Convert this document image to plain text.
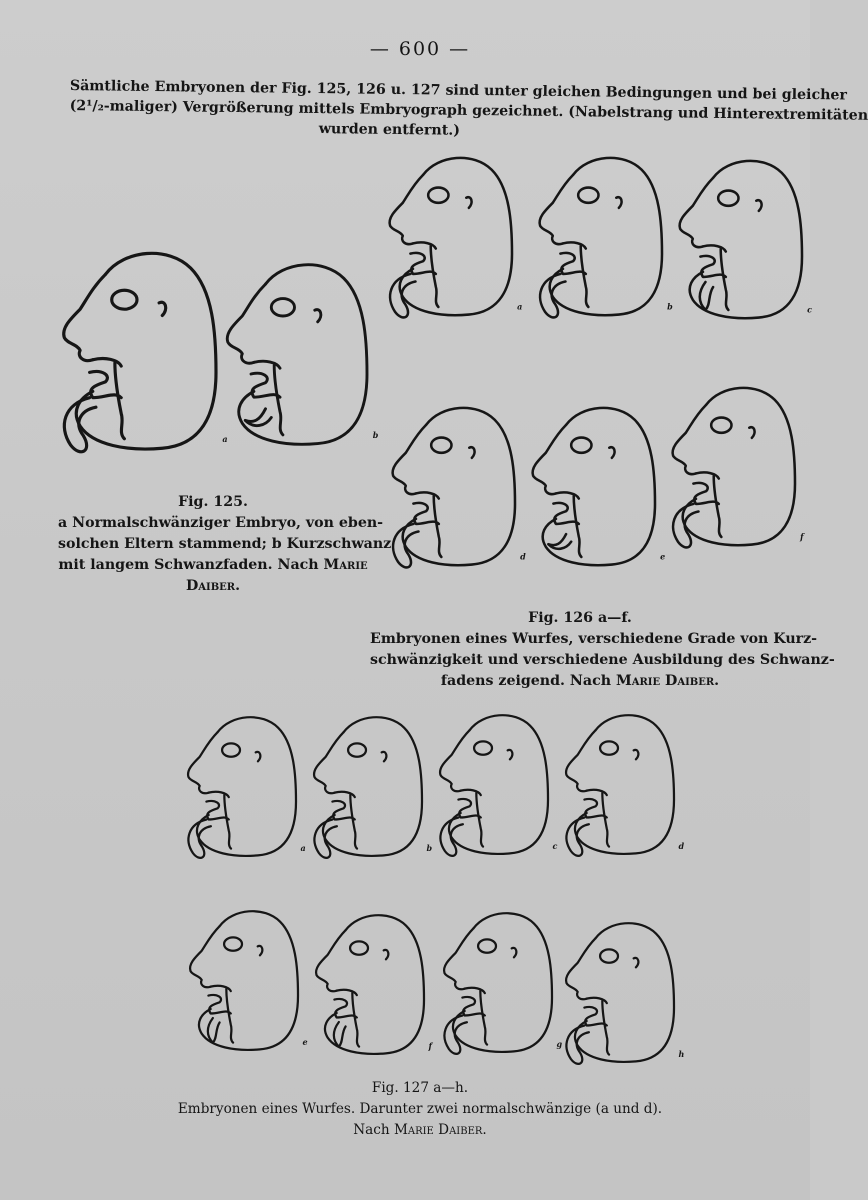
— 600 —
Sämtliche Embryonen der Fig. 125, 126 u. 127 sind unter gleichen Bedingungen und bei gleicher
(2¹/₂-maliger) Vergrößerung mittels Embryograph gezeichnet. (Nabelstrang und Hinterextremitäten
wurden entfernt.)
a	b
a	b	c
d	e
f
a	b	c	d
e	f	g
h
Fig. 125.
a Normalschwänziger Embryo, von eben-
solchen Eltern stammend; b Kurzschwanz
mit langem Schwanzfaden. Nach Marie
Daiber.
Fig. 126 a—f.
Embryonen eines Wurfes, verschiedene Grade von Kurz-
schwänzigkeit und verschiedene Ausbildung des Schwanz-
fadens zeigend. Nach Marie Daiber.
Fig. 127 a—h.
Embryonen eines Wurfes. Darunter zwei normalschwänzige (a und d).
Nach Marie Daiber.
